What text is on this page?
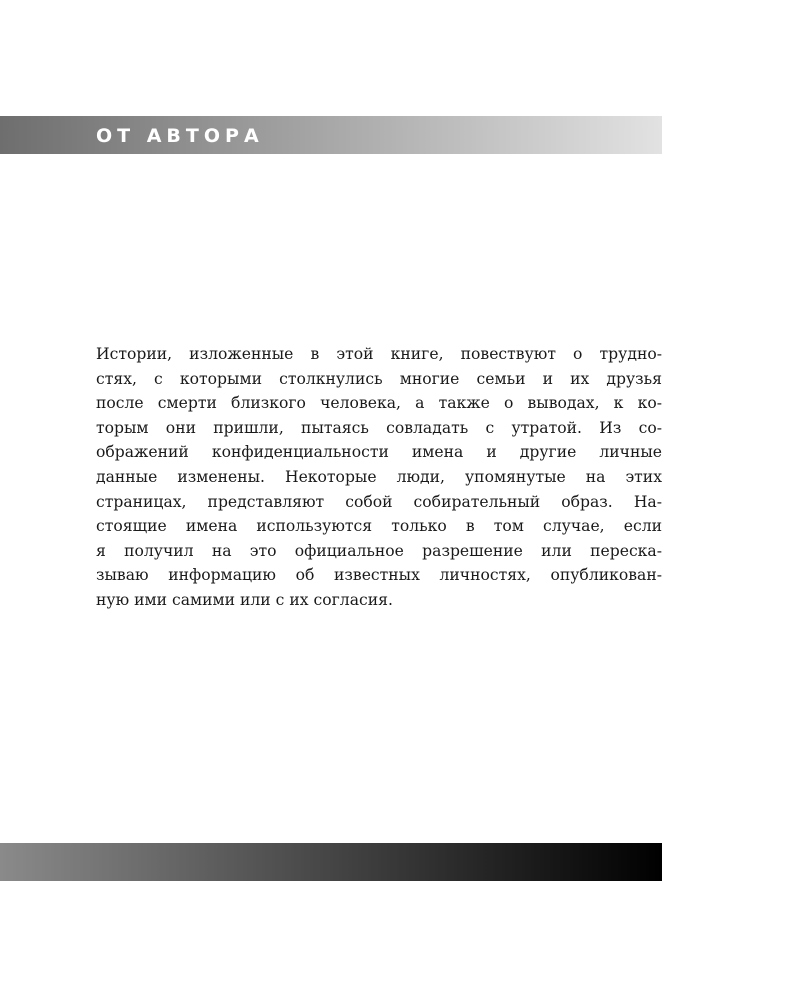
ОТ АВТОРА

Истории, изложенные в этой книге, повествуют о трудно-
стях, с которыми столкнулись многие семьи и их друзья
после смерти близкого человека, а также о выводах, к ко-
торым они пришли, пытаясь совладать с утратой. Из со-
ображений конфиденциальности имена и другие личные
данные изменены. Некоторые люди, упомянутые на этих
страницах, представляют собой собирательный образ. На-
стоящие имена используются только в том случае, если
я получил на это официальное разрешение или переска-
зываю информацию об известных личностях, опубликован-
ную ими самими или с их согласия.
